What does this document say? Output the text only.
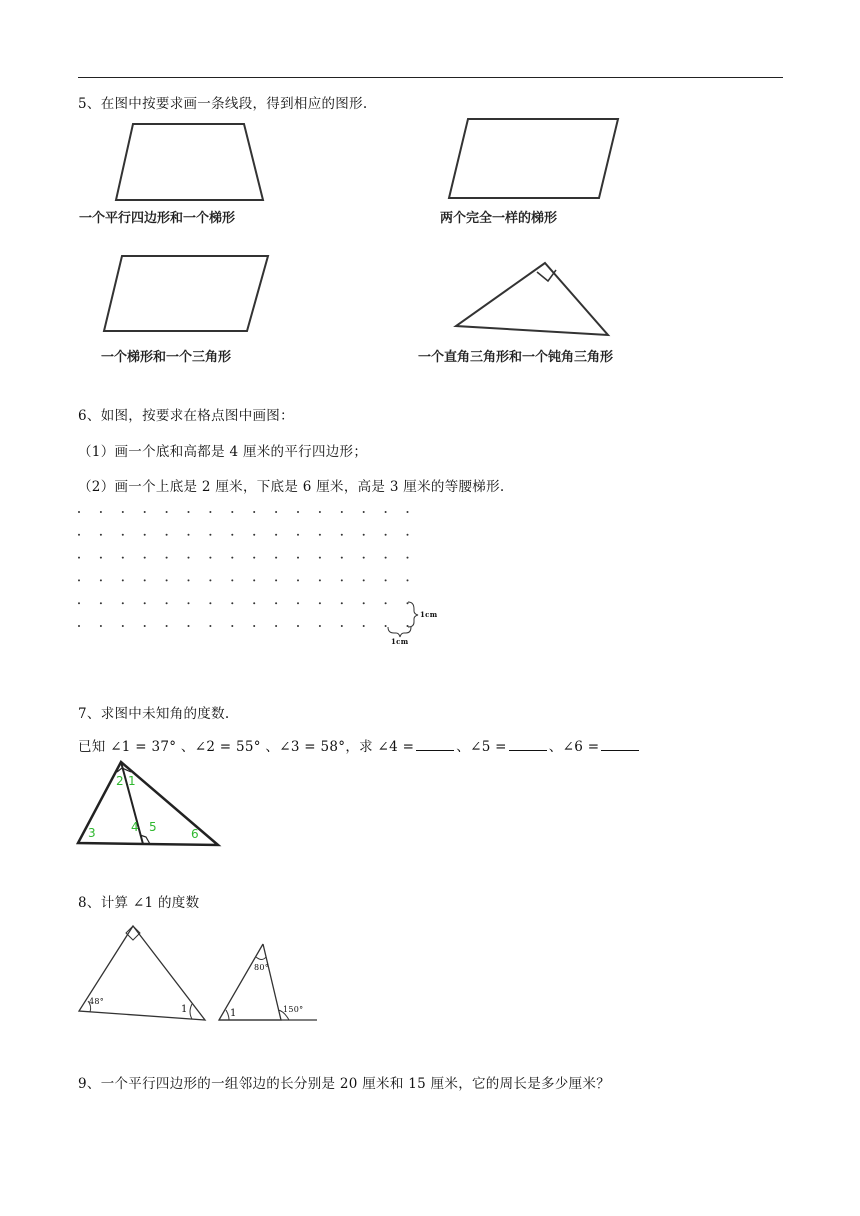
5、在图中按要求画一条线段，得到相应的图形.
一个平行四边形和一个梯形	两个完全一样的梯形
一个梯形和一个三角形	一个直角三角形和一个钝角三角形
6、如图，按要求在格点图中画图：
（1）画一个底和高都是 4 厘米的平行四边形；
（2）画一个上底是 2 厘米，下底是 6 厘米，高是 3 厘米的等腰梯形.
1cm
1cm
7、求图中未知角的度数.
已知 ∠1 = 37° 、∠2 = 55° 、∠3 = 58°，求 ∠4 =	、∠5 =	、∠6 =
2 1
3	4 5	6
8、计算 ∠1 的度数
48°
1
80°
150°
1
9、一个平行四边形的一组邻边的长分别是 20 厘米和 15 厘米，它的周长是多少厘米？
